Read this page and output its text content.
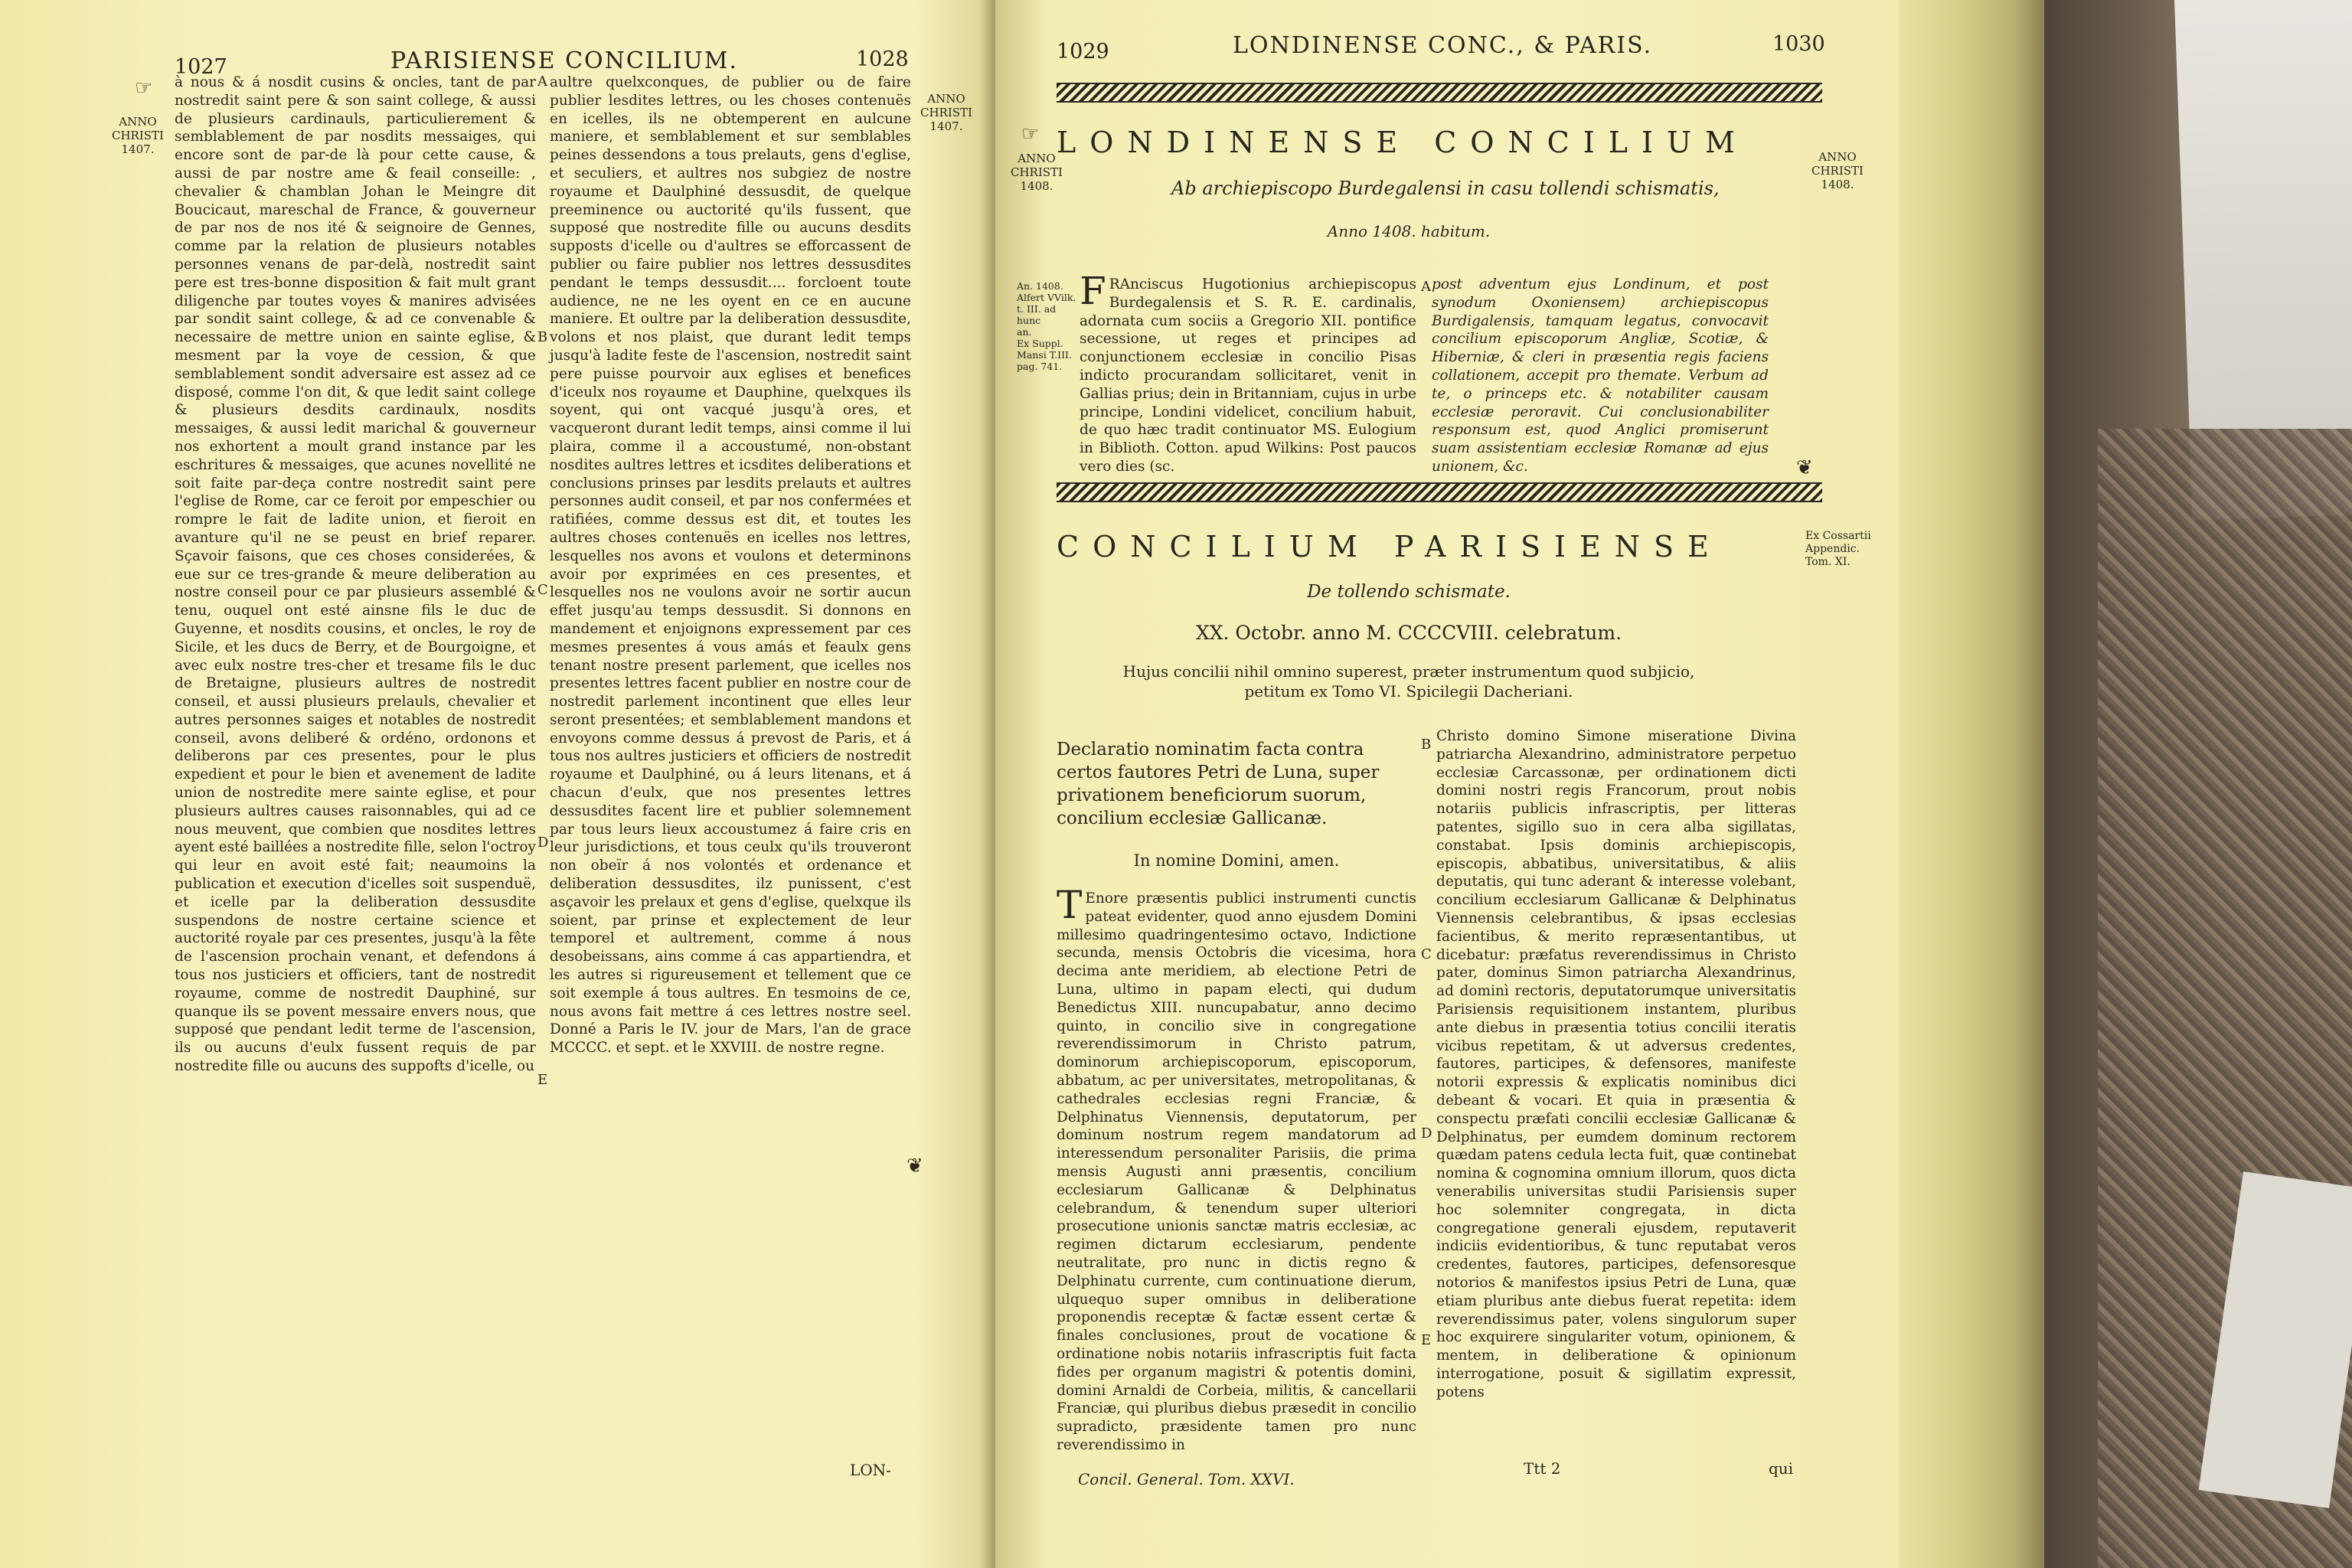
1027	PARISIENSE CONCILIUM.	1028
☞
ANNO
CHRISTI
1407.
ANNO
CHRISTI
1407.

à nous & á nosdit cusins & oncles, tant de par nostredit saint pere & son saint college, & aussi de plusieurs cardinauls, particulierement & semblablement de par nosdits messaiges, qui encore sont de par-de là pour cette cause, & aussi de par nostre ame & feail conseille: , chevalier & chamblan Johan le Meingre dit Boucicaut, mareschal de France, & gouverneur de par nos de nos ité & seignoire de Gennes, comme par la relation de plusieurs notables personnes venans de par-delà, nostredit saint pere est tres-bonne disposition & fait mult grant diligenche par toutes voyes & manires advisées par sondit saint college, & ad ce convenable & necessaire de mettre union en sainte eglise, & mesment par la voye de cession, & que semblablement sondit adversaire est assez ad ce disposé, comme l'on dit, & que ledit saint college & plusieurs desdits cardinaulx, nosdits messaiges, & aussi ledit marichal & gouverneur nos exhortent a moult grand instance par les eschritures & messaiges, que acunes novellité ne soit faite par-deça contre nostredit saint pere l'eglise de Rome, car ce feroit por empeschier ou rompre le fait de ladite union, et fieroit en avanture qu'il ne se peust en brief reparer. Sçavoir faisons, que ces choses considerées, & eue sur ce tres-grande & meure deliberation au nostre conseil pour ce par plusieurs assemblé & tenu, ouquel ont esté ainsne fils le duc de Guyenne, et nosdits cousins, et oncles, le roy de Sicile, et les ducs de Berry, et de Bourgoigne, et avec eulx nostre tres-cher et tresame fils le duc de Bretaigne, plusieurs aultres de nostredit conseil, et aussi plusieurs prelauls, chevalier et autres personnes saiges et notables de nostredit conseil, avons deliberé & ordéno, ordonons et deliberons par ces presentes, pour le plus expedient et pour le bien et avenement de ladite union de nostredite mere sainte eglise, et pour plusieurs aultres causes raisonnables, qui ad ce nous meuvent, que combien que nosdites lettres ayent esté baillées a nostredite fille, selon l'octroy qui leur en avoit esté fait; neaumoins la publication et execution d'icelles soit suspenduë, et icelle par la deliberation dessusdite suspendons de nostre certaine science et auctorité royale par ces presentes, jusqu'à la fête de l'ascension prochain venant, et defendons á tous nos justiciers et officiers, tant de nostredit royaume, comme de nostredit Dauphiné, sur quanque ils se povent messaire envers nous, que supposé que pendant ledit terme de l'ascension, ils ou aucuns d'eulx fussent requis de par nostredite fille ou aucuns des suppofts d'icelle, ou

aultre quelxconques, de publier ou de faire publier lesdites lettres, ou les choses contenuës en icelles, ils ne obtemperent en aulcune maniere, et semblablement et sur semblables peines dessendons a tous prelauts, gens d'eglise, et seculiers, et aultres nos subgiez de nostre royaume et Daulphiné dessusdit, de quelque preeminence ou auctorité qu'ils fussent, que supposé que nostredite fille ou aucuns desdits supposts d'icelle ou d'aultres se efforcassent de publier ou faire publier nos lettres dessusdites pendant le temps dessusdit.... forcloent toute audience, ne ne les oyent en ce en aucune maniere. Et oultre par la deliberation dessusdite, volons et nos plaist, que durant ledit temps jusqu'à ladite feste de l'ascension, nostredit saint pere puisse pourvoir aux eglises et benefices d'iceulx nos royaume et Dauphine, quelxques ils soyent, qui ont vacqué jusqu'à ores, et vacqueront durant ledit temps, ainsi comme il lui plaira, comme il a accoustumé, non-obstant nosdites aultres lettres et icsdites deliberations et conclusions prinses par lesdits prelauts et aultres personnes audit conseil, et par nos confermées et ratifiées, comme dessus est dit, et toutes les aultres choses contenuës en icelles nos lettres, lesquelles nos avons et voulons et determinons avoir por exprimées en ces presentes, et lesquelles nos ne voulons avoir ne sortir aucun effet jusqu'au temps dessusdit. Si donnons en mandement et enjoignons expressement par ces mesmes presentes á vous amás et feaulx gens tenant nostre present parlement, que icelles nos presentes lettres facent publier en nostre cour de nostredit parlement incontinent que elles leur seront presentées; et semblablement mandons et envoyons comme dessus á prevost de Paris, et á tous nos aultres justiciers et officiers de nostredit royaume et Daulphiné, ou á leurs litenans, et á chacun d'eulx, que nos presentes lettres dessusdites facent lire et publier solemnement par tous leurs lieux accoustumez á faire cris en leur jurisdictions, et tous ceulx qu'ils trouveront non obeïr á nos volontés et ordenance et deliberation dessusdites, ilz punissent, c'est asçavoir les prelaux et gens d'eglise, quelxque ils soient, par prinse et explectement de leur temporel et aultrement, comme á nous desobeissans, ains comme á cas appartiendra, et les autres si rigureusement et tellement que ce soit exemple á tous aultres. En tesmoins de ce, nous avons fait mettre á ces lettres nostre seel. Donné a Paris le IV. jour de Mars, l'an de grace MCCCC. et sept. et le XXVIII. de nostre regne.

A
B
C
D
E
❦
LON-
1029	LONDINENSE CONC., & PARIS.	1030
☞
ANNO
CHRISTI
1408.
ANNO
CHRISTI
1408.
LONDINENSE CONCILIUM
Ab archiepiscopo Burdegalensi in casu tollendi schismatis,
Anno 1408. habitum.
An. 1408.
Alfert VVilk.
t. III. ad hunc
an.
Ex Suppl.
Mansi T.III.
pag. 741.
F RAnciscus Hugotionius archiepiscopus Burdegalensis et S. R. E. cardinalis, adornata cum sociis a Gregorio XII. pontifice secessione, ut reges et principes ad conjunctionem ecclesiæ in concilio Pisas indicto procurandam sollicitaret, venit in Gallias prius; dein in Britanniam, cujus in urbe principe, Londini videlicet, concilium habuit, de quo hæc tradit continuator MS. Eulogium in Biblioth. Cotton. apud Wilkins: Post paucos vero dies (sc.

post adventum ejus Londinum, et post synodum Oxoniensem) archiepiscopus Burdigalensis, tamquam legatus, convocavit concilium episcoporum Angliæ, Scotiæ, & Hiberniæ, & cleri in præsentia regis faciens collationem, accepit pro themate. Verbum ad te, o princeps etc. & notabiliter causam ecclesiæ peroravit. Cui conclusionabiliter responsum est, quod Anglici promiserunt suam assistentiam ecclesiæ Romanæ ad ejus unionem, &c.	❦
CONCILIUM PARISIENSE	Ex Cossartii
Appendic.
Tom. XI.
De tollendo schismate.
XX. Octobr. anno M. CCCCVIII. celebratum.

Hujus concilii nihil omnino superest, præter instrumentum quod subjicio, petitum ex Tomo VI. Spicilegii Dacheriani.

Declaratio nominatim facta contra certos fautores Petri de Luna, super privationem beneficiorum suorum, concilium ecclesiæ Gallicanæ.

In nomine Domini, amen.
T Enore præsentis publici instrumenti cunctis pateat evidenter, quod anno ejusdem Domini millesimo quadringentesimo octavo, Indictione secunda, mensis Octobris die vicesima, hora decima ante meridiem, ab electione Petri de Luna, ultimo in papam electi, qui dudum Benedictus XIII. nuncupabatur, anno decimo quinto, in concilio sive in congregatione reverendissimorum in Christo patrum, dominorum archiepiscoporum, episcoporum, abbatum, ac per universitates, metropolitanas, & cathedrales ecclesias regni Franciæ, & Delphinatus Viennensis, deputatorum, per dominum nostrum regem mandatorum ad interessendum personaliter Parisiis, die prima mensis Augusti anni præsentis, concilium ecclesiarum Gallicanæ & Delphinatus celebrandum, & tenendum super ulteriori prosecutione unionis sanctæ matris ecclesiæ, ac regimen dictarum ecclesiarum, pendente neutralitate, pro nunc in dictis regno & Delphinatu currente, cum continuatione dierum, ulquequo super omnibus in deliberatione proponendis receptæ & factæ essent certæ & finales conclusiones, prout de vocatione & ordinatione nobis notariis infrascriptis fuit facta fides per organum magistri & potentis domini, domini Arnaldi de Corbeia, militis, & cancellarii Franciæ, qui pluribus diebus præsedit in concilio supradicto, præsidente tamen pro nunc reverendissimo in

Christo domino Simone miseratione Divina patriarcha Alexandrino, administratore perpetuo ecclesiæ Carcassonæ, per ordinationem dicti domini nostri regis Francorum, prout nobis notariis publicis infrascriptis, per litteras patentes, sigillo suo in cera alba sigillatas, constabat. Ipsis dominis archiepiscopis, episcopis, abbatibus, universitatibus, & aliis deputatis, qui tunc aderant & interesse volebant, concilium ecclesiarum Gallicanæ & Delphinatus Viennensis celebrantibus, & ipsas ecclesias facientibus, & merito repræsentantibus, ut dicebatur: præfatus reverendissimus in Christo pater, dominus Simon patriarcha Alexandrinus, ad dominì rectoris, deputatorumque universitatis Parisiensis requisitionem instantem, pluribus ante diebus in præsentia totius concilii iteratis vicibus repetitam, & ut adversus credentes, fautores, participes, & defensores, manifeste notorii expressis & explicatis nominibus dici debeant & vocari. Et quia in præsentia & conspectu præfati concilii ecclesiæ Gallicanæ & Delphinatus, per eumdem dominum rectorem quædam patens cedula lecta fuit, quæ continebat nomina & cognomina omnium illorum, quos dicta venerabilis universitas studii Parisiensis super hoc solemniter congregata, in dicta congregatione generali ejusdem, reputaverit indiciis evidentioribus, & tunc reputabat veros credentes, fautores, participes, defensoresque notorios & manifestos ipsius Petri de Luna, quæ etiam pluribus ante diebus fuerat repetita: idem reverendissimus pater, volens singulorum super hoc exquirere singulariter votum, opinionem, & mentem, in deliberatione & opinionum interrogatione, posuit & sigillatim expressit, potens

A
B
C
D
E
Concil. General. Tom. XXVI.
Ttt 2	qui
